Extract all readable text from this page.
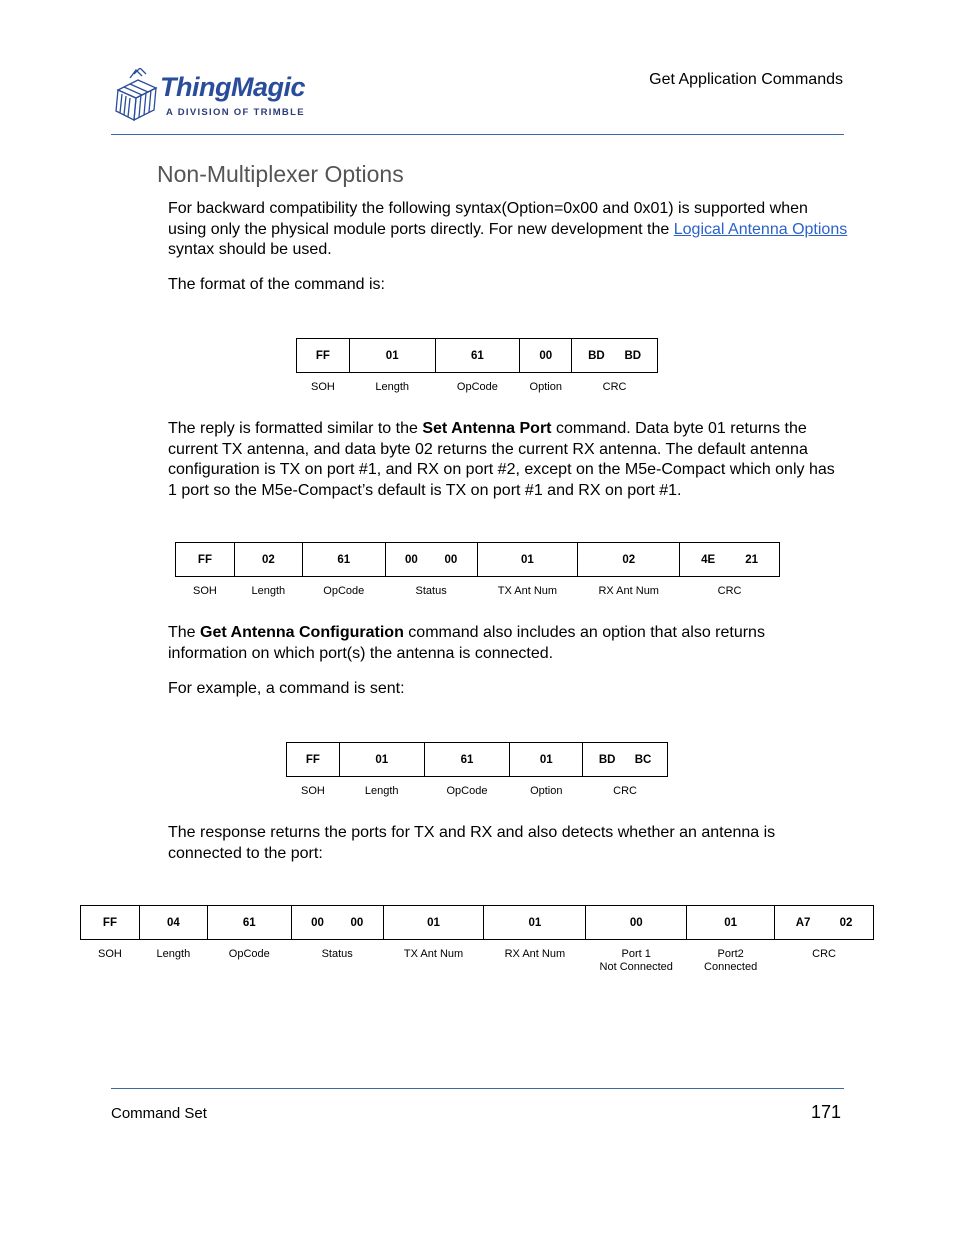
ThingMagic
A DIVISION OF TRIMBLE
Get Application Commands
Non-Multiplexer Options

For backward compatibility the following syntax(Option=0x00 and 0x01) is supported when using only the physical module ports directly. For new development the Logical Antenna Options syntax should be used.

The format of the command is:

FF	01	61	00	BD BD

SOH	Length	OpCode	Option	CRC

The reply is formatted similar to the Set Antenna Port command. Data byte 01 returns the current TX antenna, and data byte 02 returns the current RX antenna. The default antenna configuration is TX on port #1, and RX on port #2, except on the M5e-Compact which only has 1 port so the M5e-Compact’s default is TX on port #1 and RX on port #1.

FF	02	61	00 00	01	02	4E 21

SOH	Length	OpCode	Status	TX Ant Num	RX Ant Num	CRC

The Get Antenna Configuration command also includes an option that also returns information on which port(s) the antenna is connected.

For example, a command is sent:

FF	01	61	01	BD BC

SOH	Length	OpCode	Option	CRC

The response returns the ports for TX and RX and also detects whether an antenna is connected to the port:

FF	04	61	00 00	01	01	00	01	A7 02

SOH	Length	OpCode	Status	TX Ant Num	RX Ant Num	Port 1
Not Connected	Port2
Connected	CRC
Command Set	171
